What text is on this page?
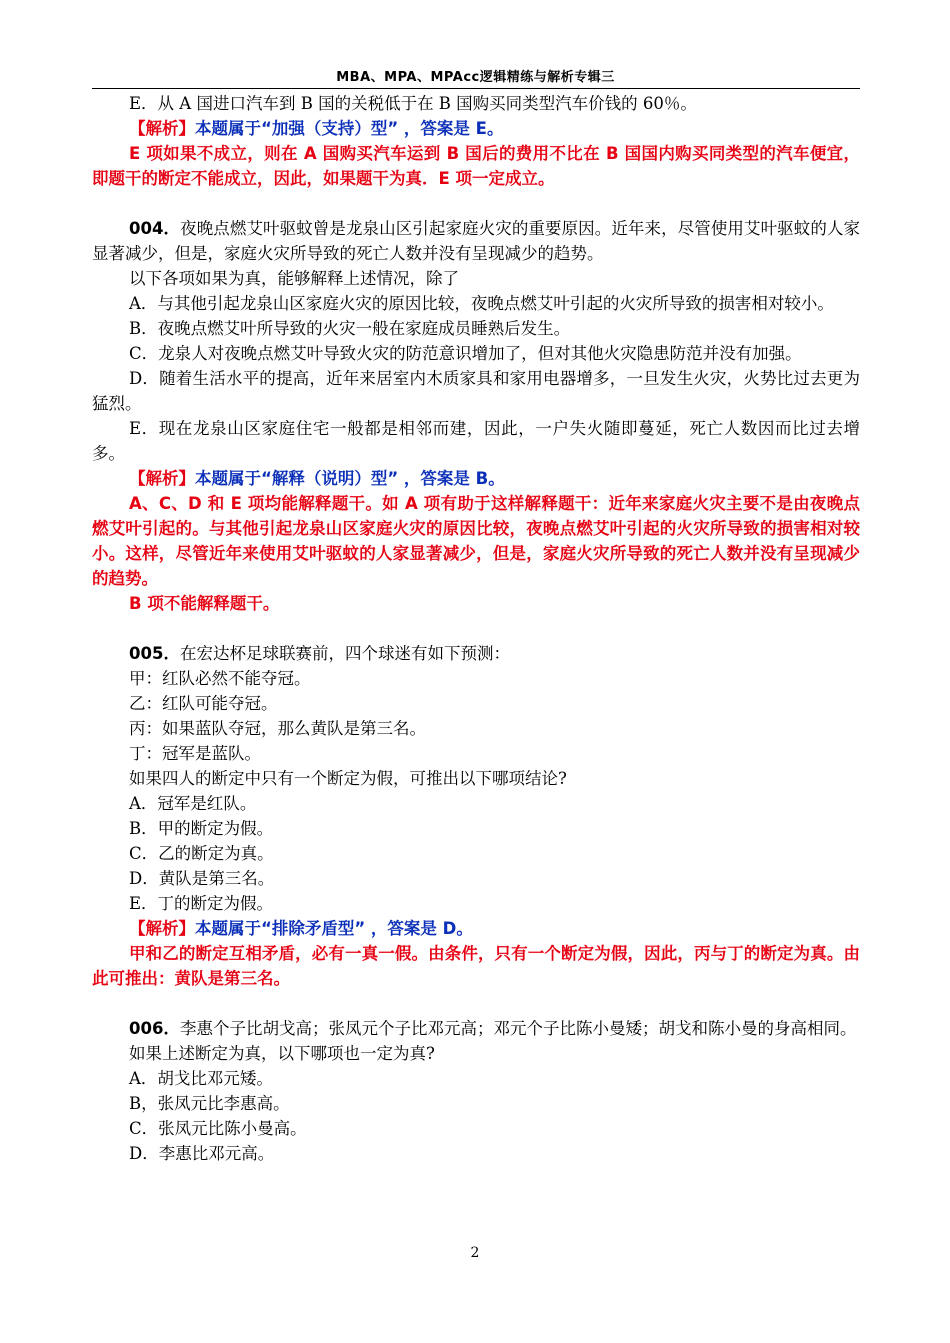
MBA、MPA、MPAcc逻辑精练与解析专辑三
E．从 A 国进口汽车到 B 国的关税低于在 B 国购买同类型汽车价钱的 60％。
【解析】本题属于“加强（支持）型” ，答案是 E。
E 项如果不成立，则在 A 国购买汽车运到 B 国后的费用不比在 B 国国内购买同类型的汽车便宜，即题干的断定不能成立，因此，如果题干为真．E 项一定成立。
004．夜晚点燃艾叶驱蚊曾是龙泉山区引起家庭火灾的重要原因。近年来，尽管使用艾叶驱蚊的人家显著减少，但是，家庭火灾所导致的死亡人数并没有呈现减少的趋势。
以下各项如果为真，能够解释上述情况，除了
A．与其他引起龙泉山区家庭火灾的原因比较，夜晚点燃艾叶引起的火灾所导致的损害相对较小。
B．夜晚点燃艾叶所导致的火灾一般在家庭成员睡熟后发生。
C．龙泉人对夜晚点燃艾叶导致火灾的防范意识增加了，但对其他火灾隐患防范并没有加强。
D．随着生活水平的提高，近年来居室内木质家具和家用电器增多，一旦发生火灾，火势比过去更为猛烈。
E．现在龙泉山区家庭住宅一般都是相邻而建，因此，一户失火随即蔓延，死亡人数因而比过去增多。
【解析】本题属于“解释（说明）型” ，答案是 B。
A、C、D 和 E 项均能解释题干。如 A 项有助于这样解释题干：近年来家庭火灾主要不是由夜晚点燃艾叶引起的。与其他引起龙泉山区家庭火灾的原因比较，夜晚点燃艾叶引起的火灾所导致的损害相对较小。这样，尽管近年来使用艾叶驱蚊的人家显著减少，但是，家庭火灾所导致的死亡人数并没有呈现减少的趋势。
B 项不能解释题干。
005．在宏达杯足球联赛前，四个球迷有如下预测：
甲：红队必然不能夺冠。
乙：红队可能夺冠。
丙：如果蓝队夺冠，那么黄队是第三名。
丁：冠军是蓝队。
如果四人的断定中只有一个断定为假，可推出以下哪项结论?
A．冠军是红队。
B．甲的断定为假。
C．乙的断定为真。
D．黄队是第三名。
E．丁的断定为假。
【解析】本题属于“排除矛盾型” ，答案是 D。
甲和乙的断定互相矛盾，必有一真一假。由条件，只有一个断定为假，因此，丙与丁的断定为真。由此可推出：黄队是第三名。
006．李惠个子比胡戈高；张凤元个子比邓元高；邓元个子比陈小曼矮；胡戈和陈小曼的身高相同。
如果上述断定为真，以下哪项也一定为真?
A．胡戈比邓元矮。
B，张凤元比李惠高。
C．张凤元比陈小曼高。
D．李惠比邓元高。
2
